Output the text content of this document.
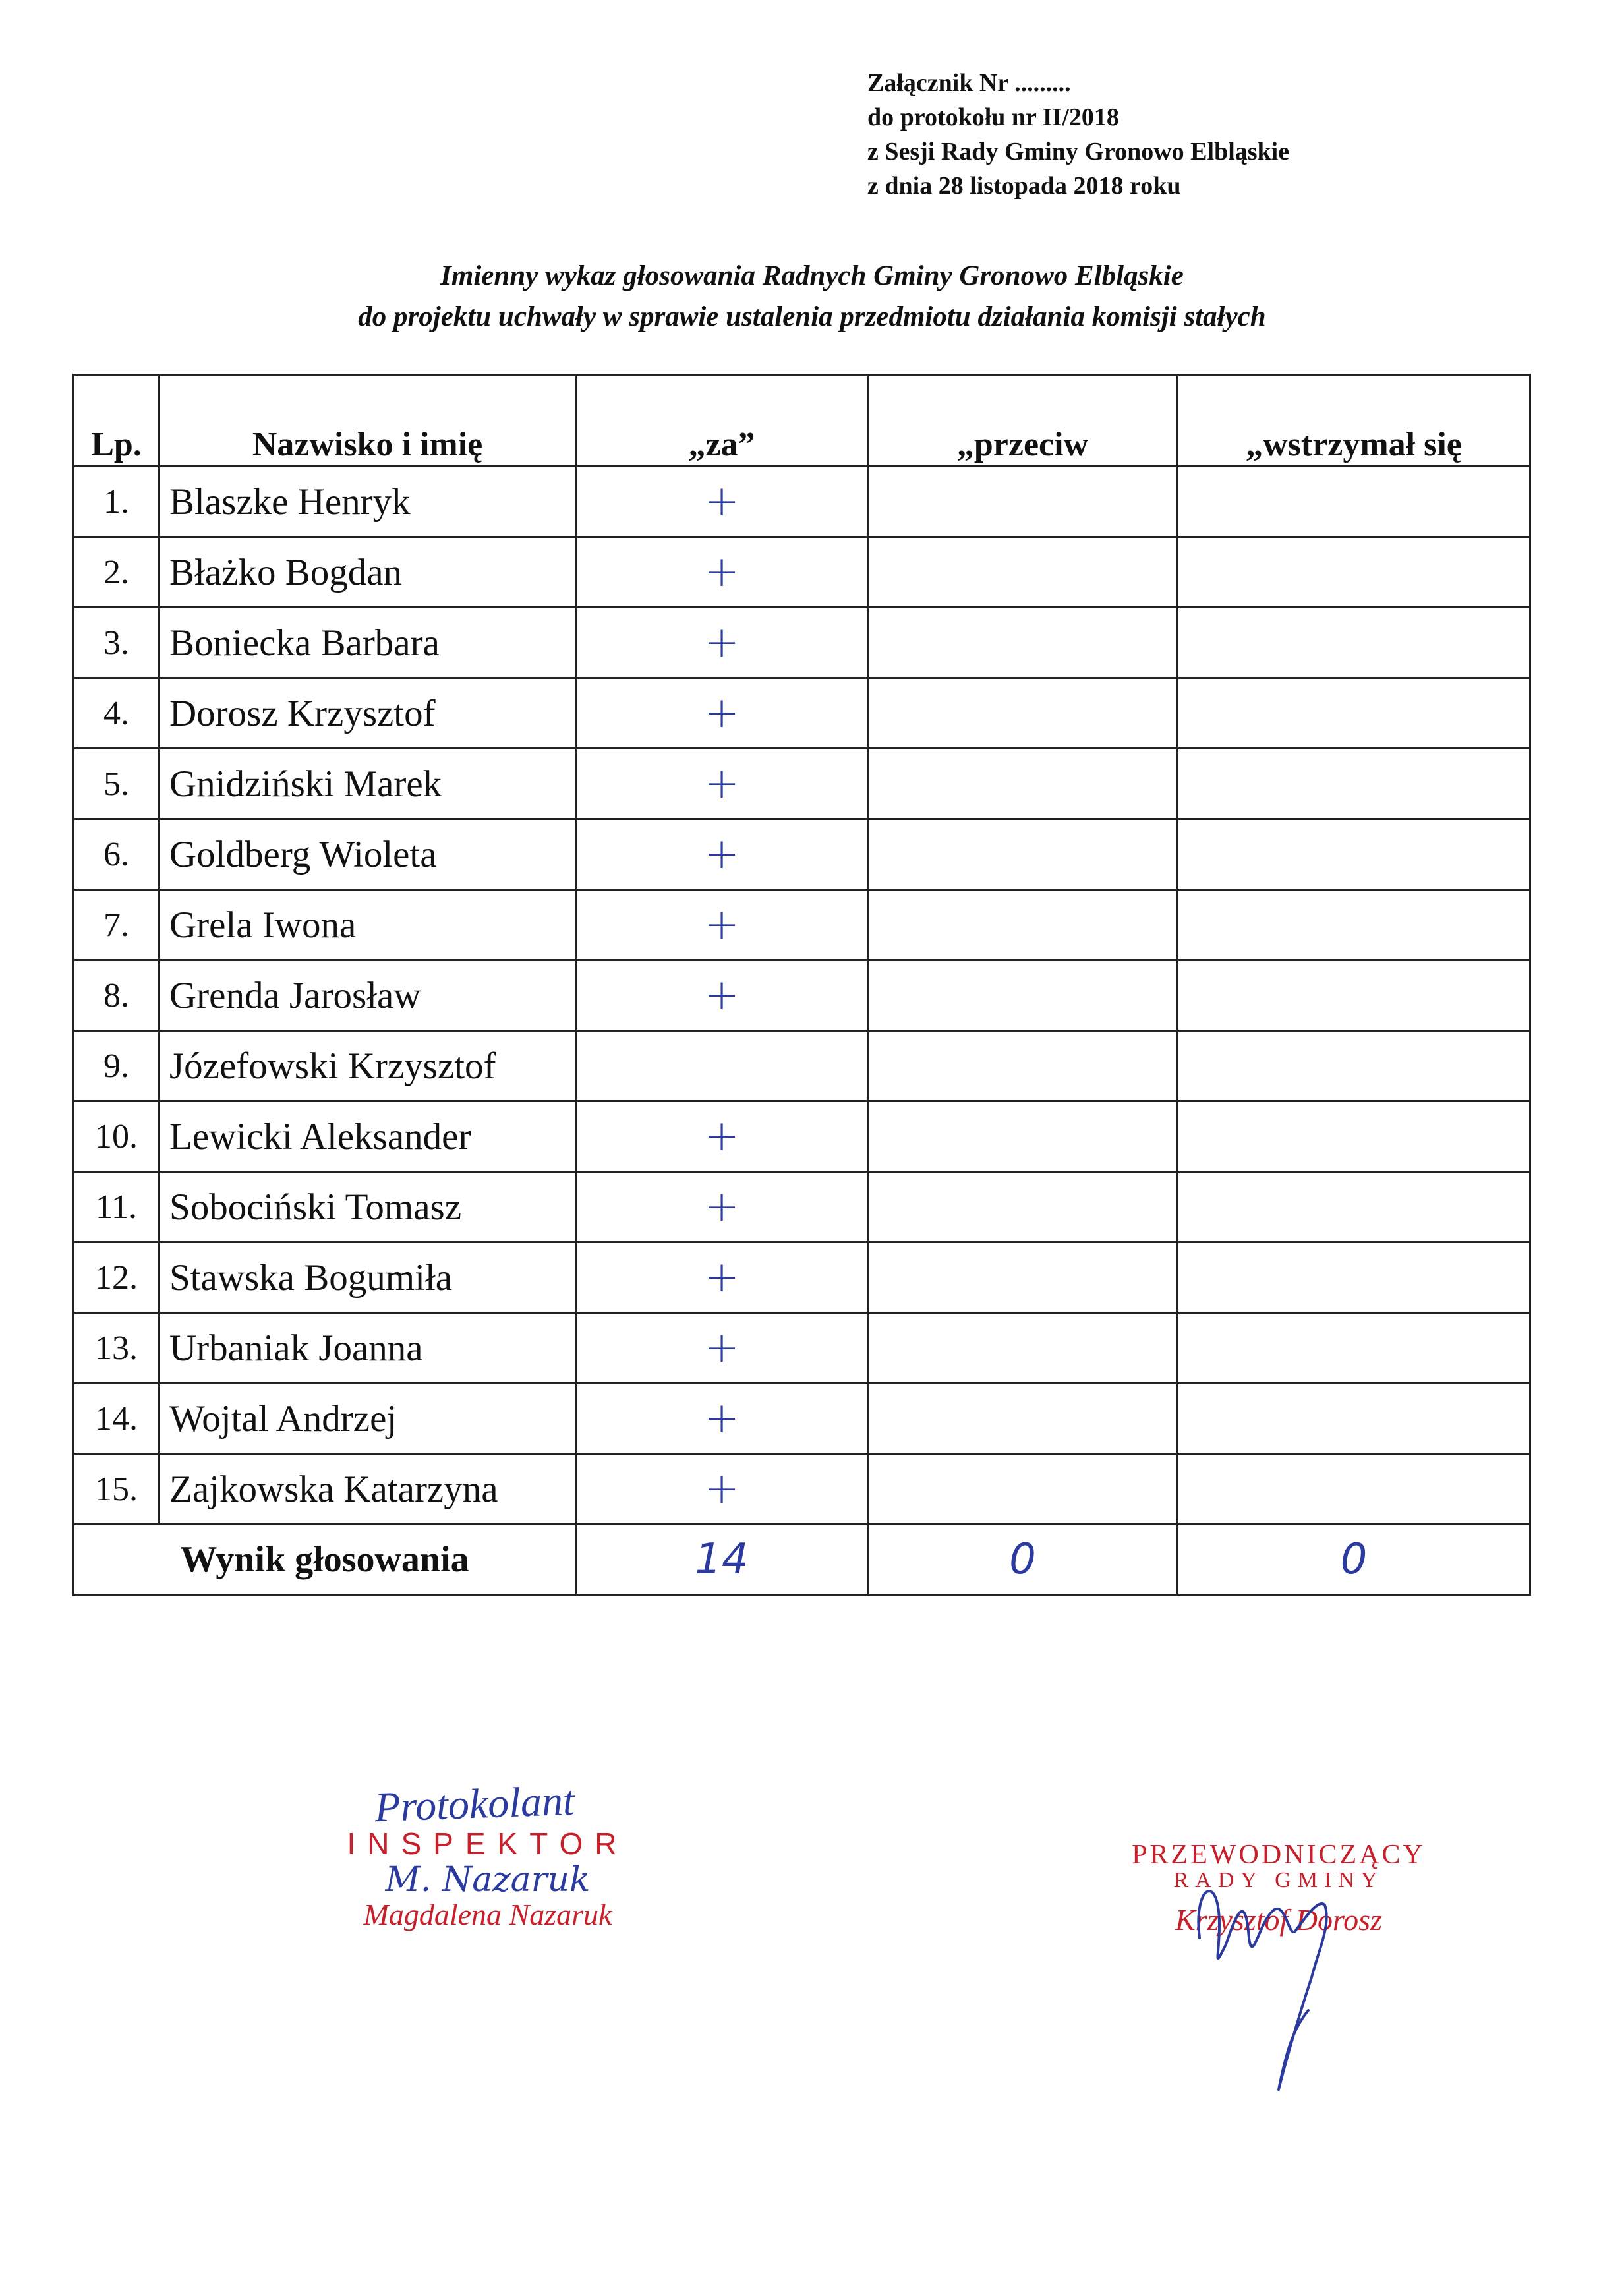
Załącznik Nr .........
do protokołu nr II/2018
z Sesji Rady Gminy Gronowo Elbląskie
z dnia 28 listopada 2018 roku
Imienny wykaz głosowania Radnych Gminy Gronowo Elbląskie
do projektu uchwały w sprawie ustalenia przedmiotu działania komisji stałych
Lp.	Nazwisko i imię	„za”	„przeciw	„wstrzymał się
1.	Blaszke Henryk	+		
2.	Błażko Bogdan	+		
3.	Boniecka Barbara	+		
4.	Dorosz Krzysztof	+		
5.	Gnidziński Marek	+		
6.	Goldberg Wioleta	+		
7.	Grela Iwona	+		
8.	Grenda Jarosław	+		
9.	Józefowski Krzysztof			
10.	Lewicki Aleksander	+		
11.	Sobociński Tomasz	+		
12.	Stawska Bogumiła	+		
13.	Urbaniak Joanna	+		
14.	Wojtal Andrzej	+		
15.	Zajkowska Katarzyna	+		
Wynik głosowania		14	0	0
Protokolant
INSPEKTOR
M. Nazaruk
Magdalena Nazaruk
PRZEWODNICZĄCY
RADY GMINY
Krzysztof Dorosz
